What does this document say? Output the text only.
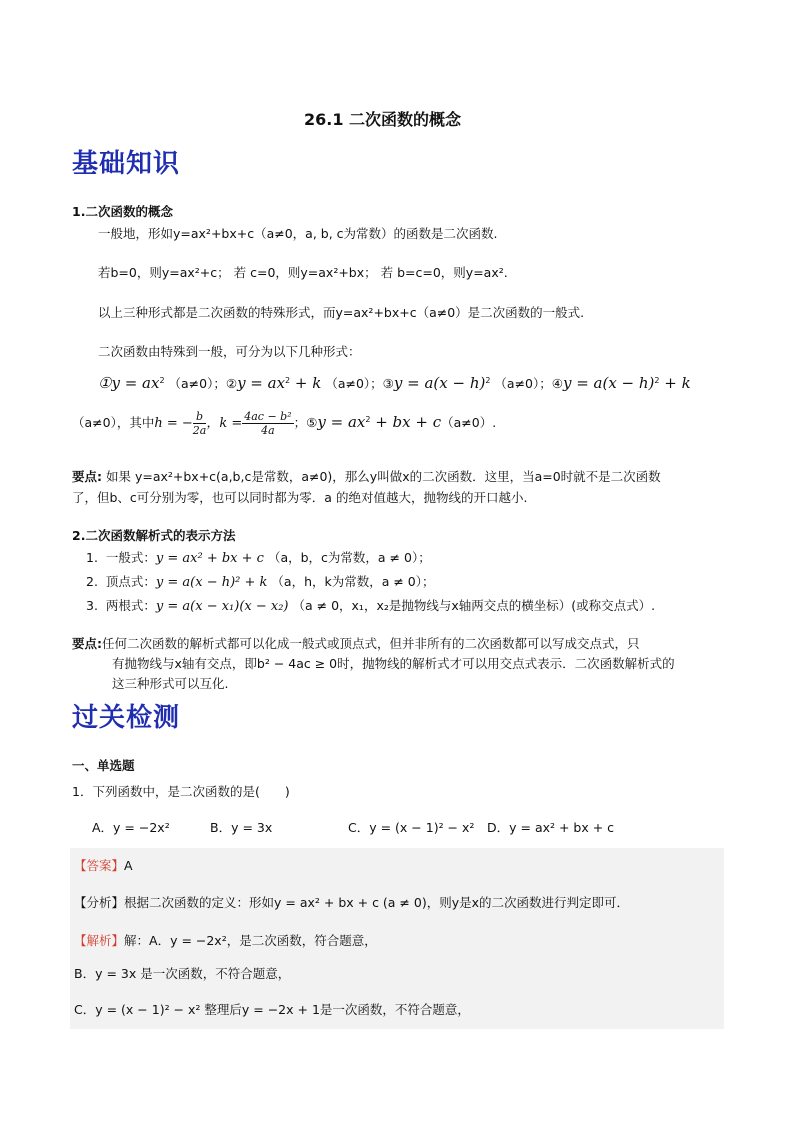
26.1 二次函数的概念
基础知识
1.二次函数的概念
一般地，形如y=ax²+bx+c（a≠0，a, b, c为常数）的函数是二次函数.
若b=0，则y=ax²+c； 若 c=0，则y=ax²+bx； 若 b=c=0，则y=ax².
以上三种形式都是二次函数的特殊形式，而y=ax²+bx+c（a≠0）是二次函数的一般式.
二次函数由特殊到一般，可分为以下几种形式：
①y = $ax^2$ （a≠0）；②y = $ax^2 + k$ （a≠0）；③y = $a(x - h)^2$ （a≠0）；④y = $a(x - h)^2 + k$
（a≠0），其中h = − $\frac{b}{2a}$ ，$k = \frac{\text{4ac − b²}}{4a}$ ；⑤y = $ax^2$ + bx + c（a≠0）.
要点: 如果 y=ax²+bx+c(a,b,c是常数，a≠0)，那么y叫做x的二次函数．这里，当a=0时就不是二次函数
了，但b、c可分别为零，也可以同时都为零．a 的绝对值越大，抛物线的开口越小.
2.二次函数解析式的表示方法
1. 一般式：y = ax² + bx + c （a，b，c为常数，a ≠ 0）；
2. 顶点式：y = a(x − h)² + k （a，h，k为常数，a ≠ 0）；
3. 两根式：y = a(x − x₁)(x − x₂) （a ≠ 0，x₁，x₂是抛物线与x轴两交点的横坐标）(或称交点式）.
要点:任何二次函数的解析式都可以化成一般式或顶点式，但并非所有的二次函数都可以写成交点式，只
有抛物线与x轴有交点，即b² − 4ac ≥ 0时，抛物线的解析式才可以用交点式表示．二次函数解析式的
这三种形式可以互化.
过关检测
一、单选题
1．下列函数中，是二次函数的是(　　)
A．y = −2x²	B．y = 3x	C．y = (x − 1)² − x² D．y = ax² + bx + c
【答案】A
【分析】根据二次函数的定义：形如y = ax² + bx + c (a ≠ 0)，则y是x的二次函数进行判定即可．
【解析】解：A．y = −2x²，是二次函数，符合题意，
B．y = 3x 是一次函数，不符合题意，
C．y = (x − 1)² − x² 整理后y = −2x + 1是一次函数，不符合题意，
